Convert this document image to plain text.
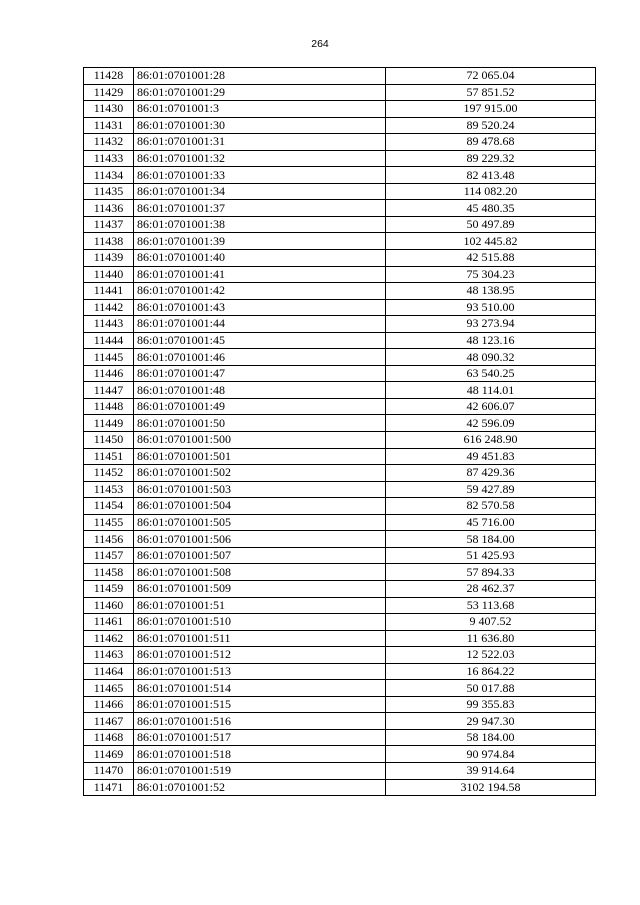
264
11428	86:01:0701001:28	72 065.04
11429	86:01:0701001:29	57 851.52
11430	86:01:0701001:3	197 915.00
11431	86:01:0701001:30	89 520.24
11432	86:01:0701001:31	89 478.68
11433	86:01:0701001:32	89 229.32
11434	86:01:0701001:33	82 413.48
11435	86:01:0701001:34	114 082.20
11436	86:01:0701001:37	45 480.35
11437	86:01:0701001:38	50 497.89
11438	86:01:0701001:39	102 445.82
11439	86:01:0701001:40	42 515.88
11440	86:01:0701001:41	75 304.23
11441	86:01:0701001:42	48 138.95
11442	86:01:0701001:43	93 510.00
11443	86:01:0701001:44	93 273.94
11444	86:01:0701001:45	48 123.16
11445	86:01:0701001:46	48 090.32
11446	86:01:0701001:47	63 540.25
11447	86:01:0701001:48	48 114.01
11448	86:01:0701001:49	42 606.07
11449	86:01:0701001:50	42 596.09
11450	86:01:0701001:500	616 248.90
11451	86:01:0701001:501	49 451.83
11452	86:01:0701001:502	87 429.36
11453	86:01:0701001:503	59 427.89
11454	86:01:0701001:504	82 570.58
11455	86:01:0701001:505	45 716.00
11456	86:01:0701001:506	58 184.00
11457	86:01:0701001:507	51 425.93
11458	86:01:0701001:508	57 894.33
11459	86:01:0701001:509	28 462.37
11460	86:01:0701001:51	53 113.68
11461	86:01:0701001:510	9 407.52
11462	86:01:0701001:511	11 636.80
11463	86:01:0701001:512	12 522.03
11464	86:01:0701001:513	16 864.22
11465	86:01:0701001:514	50 017.88
11466	86:01:0701001:515	99 355.83
11467	86:01:0701001:516	29 947.30
11468	86:01:0701001:517	58 184.00
11469	86:01:0701001:518	90 974.84
11470	86:01:0701001:519	39 914.64
11471	86:01:0701001:52	3102 194.58
